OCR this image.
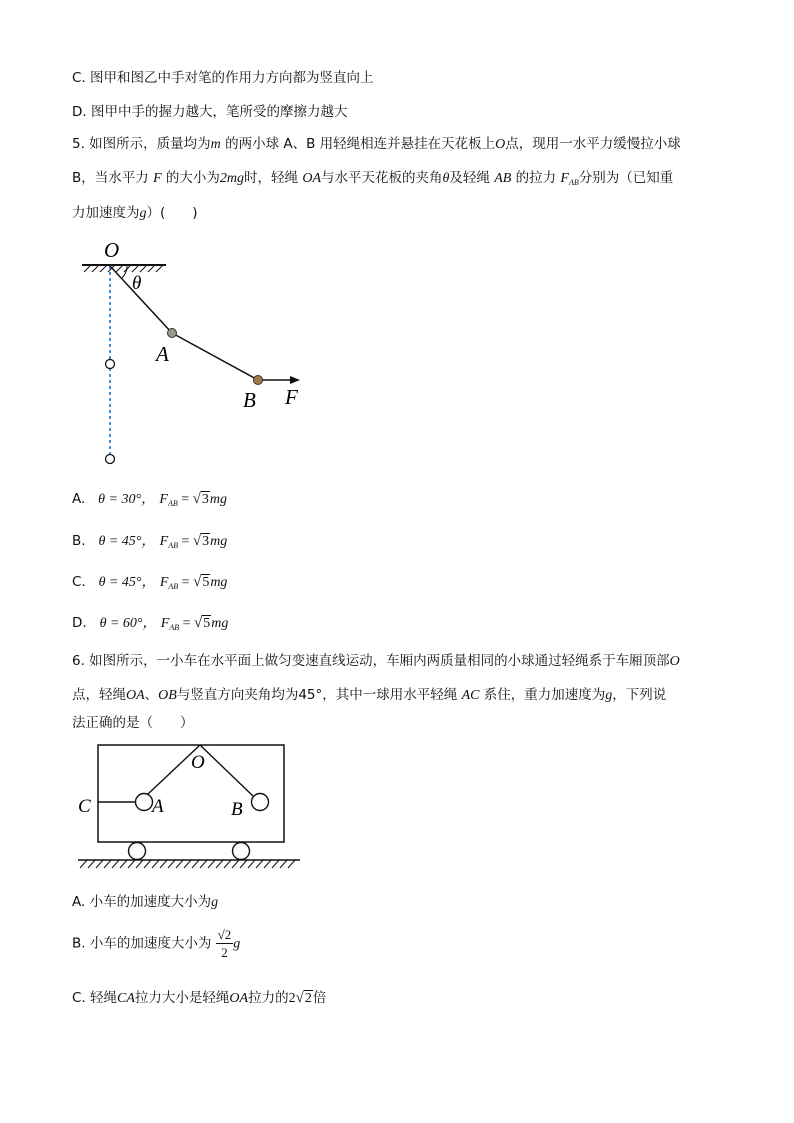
C. 图甲和图乙中手对笔的作用力方向都为竖直向上
D. 图甲中手的握力越大，笔所受的摩擦力越大
5. 如图所示，质量均为m 的两小球 A、B 用轻绳相连并悬挂在天花板上O点，现用一水平力缓慢拉小球
B，当水平力 F 的大小为2mg时，轻绳 OA与水平天花板的夹角θ及轻绳 AB 的拉力 $F_{AB}$分别为（已知重
力加速度为g）(　　)
O
θ
A
B F
A. θ = 30°， $F_{AB} = √3mg$
B. θ = 45°， $F_{AB} = √3mg$
C. θ = 45°， $F_{AB} = √5mg$
D. θ = 60°， $F_{AB} = √5mg$
6. 如图所示，一小车在水平面上做匀变速直线运动，车厢内两质量相同的小球通过轻绳系于车厢顶部O
点，轻绳OA、OB与竖直方向夹角均为45°，其中一球用水平轻绳 AC 系住，重力加速度为g，下列说
法正确的是（　　）
O
C	A	B
A. 小车的加速度大小为g
B. 小车的加速度大小为 $\frac{√2}{2}$ g
C. 轻绳CA拉力大小是轻绳OA拉力的2√2倍
